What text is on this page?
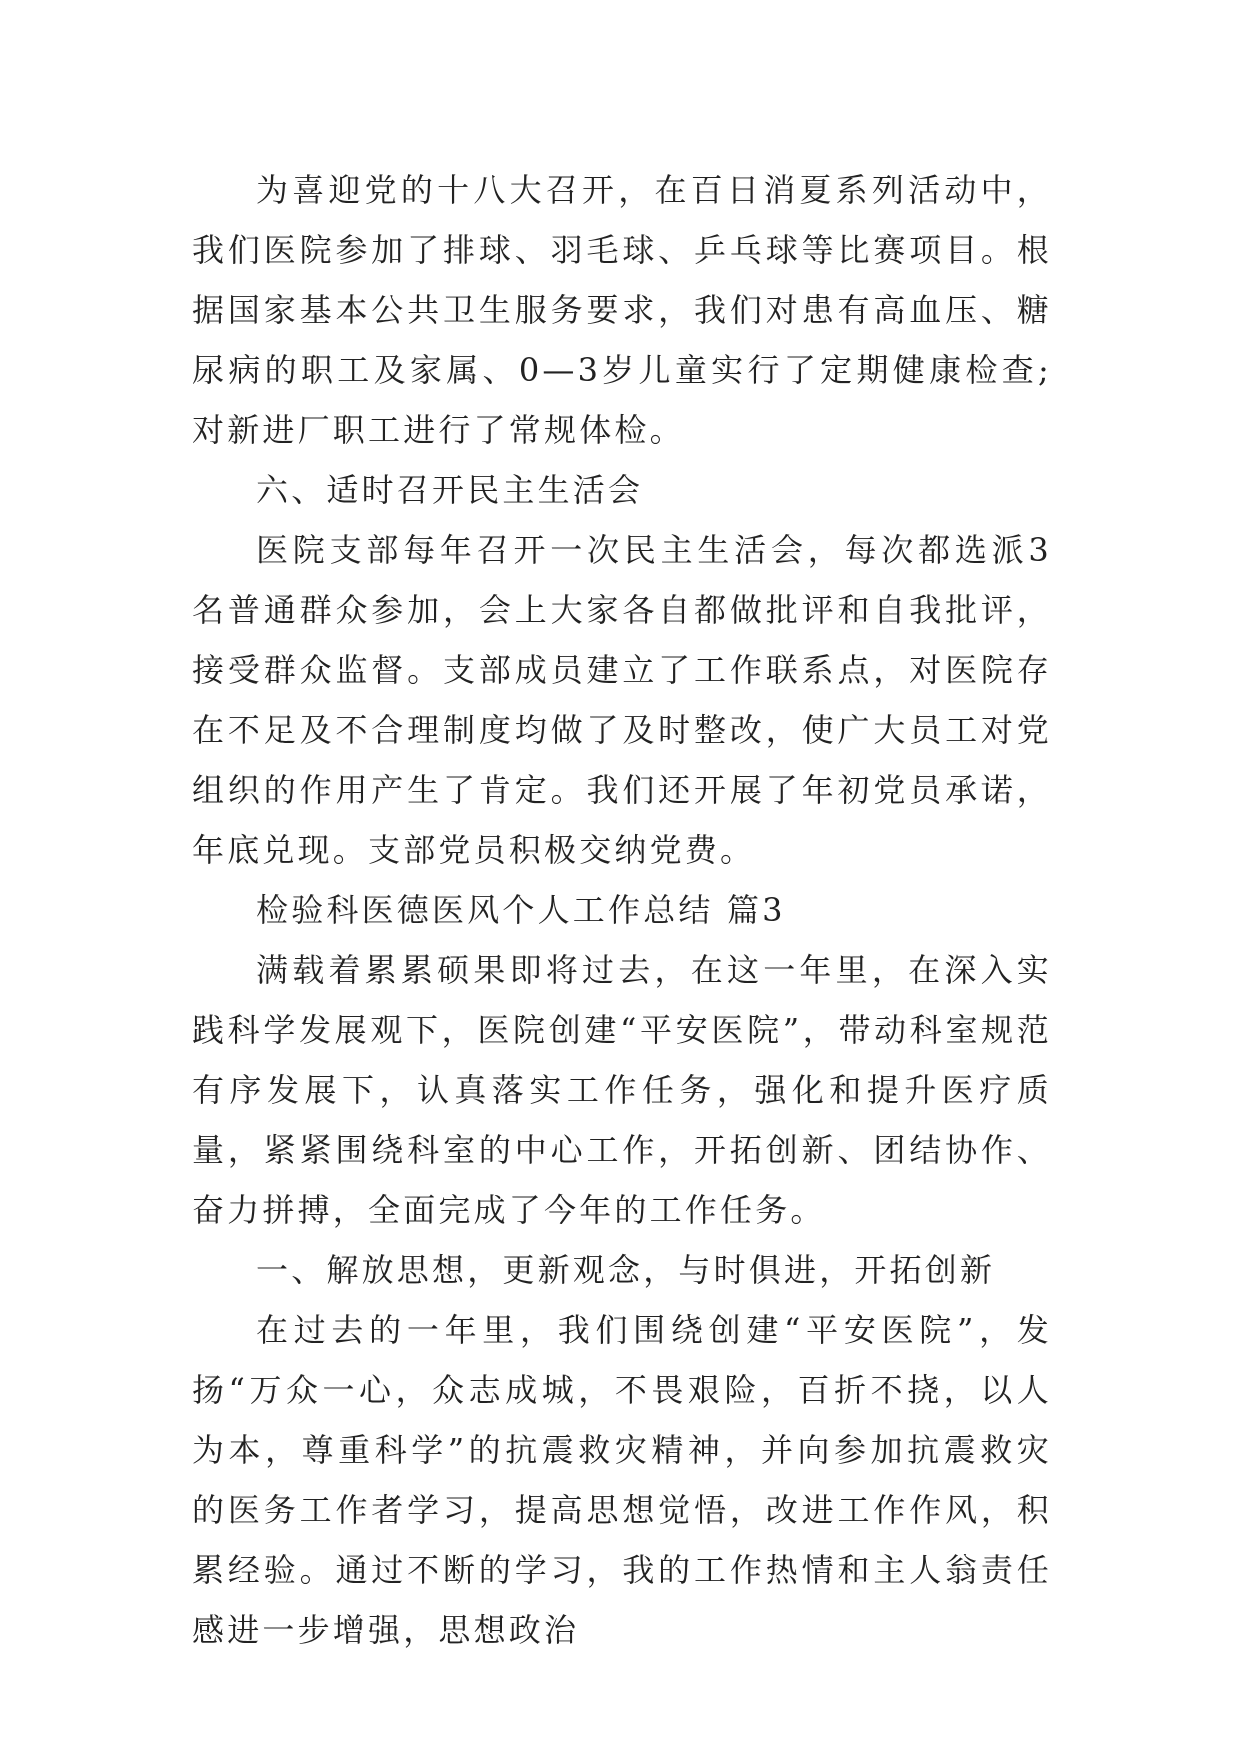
为喜迎党的十八大召开，在百日消夏系列活动中，我们医院参加了排球、羽毛球、乒乓球等比赛项目。根据国家基本公共卫生服务要求，我们对患有高血压、糖尿病的职工及家属、0—3岁儿童实行了定期健康检查;对新进厂职工进行了常规体检。

六、适时召开民主生活会

医院支部每年召开一次民主生活会，每次都选派3名普通群众参加，会上大家各自都做批评和自我批评，接受群众监督。支部成员建立了工作联系点，对医院存在不足及不合理制度均做了及时整改，使广大员工对党组织的作用产生了肯定。我们还开展了年初党员承诺，年底兑现。支部党员积极交纳党费。

检验科医德医风个人工作总结 篇3

满载着累累硕果即将过去，在这一年里，在深入实践科学发展观下，医院创建“平安医院”，带动科室规范有序发展下，认真落实工作任务，强化和提升医疗质量，紧紧围绕科室的中心工作，开拓创新、团结协作、奋力拼搏，全面完成了今年的工作任务。

一、解放思想，更新观念，与时俱进，开拓创新

在过去的一年里，我们围绕创建“平安医院”，发扬“万众一心，众志成城，不畏艰险，百折不挠，以人为本，尊重科学”的抗震救灾精神，并向参加抗震救灾的医务工作者学习，提高思想觉悟，改进工作作风，积累经验。通过不断的学习，我的工作热情和主人翁责任感进一步增强，思想政治
